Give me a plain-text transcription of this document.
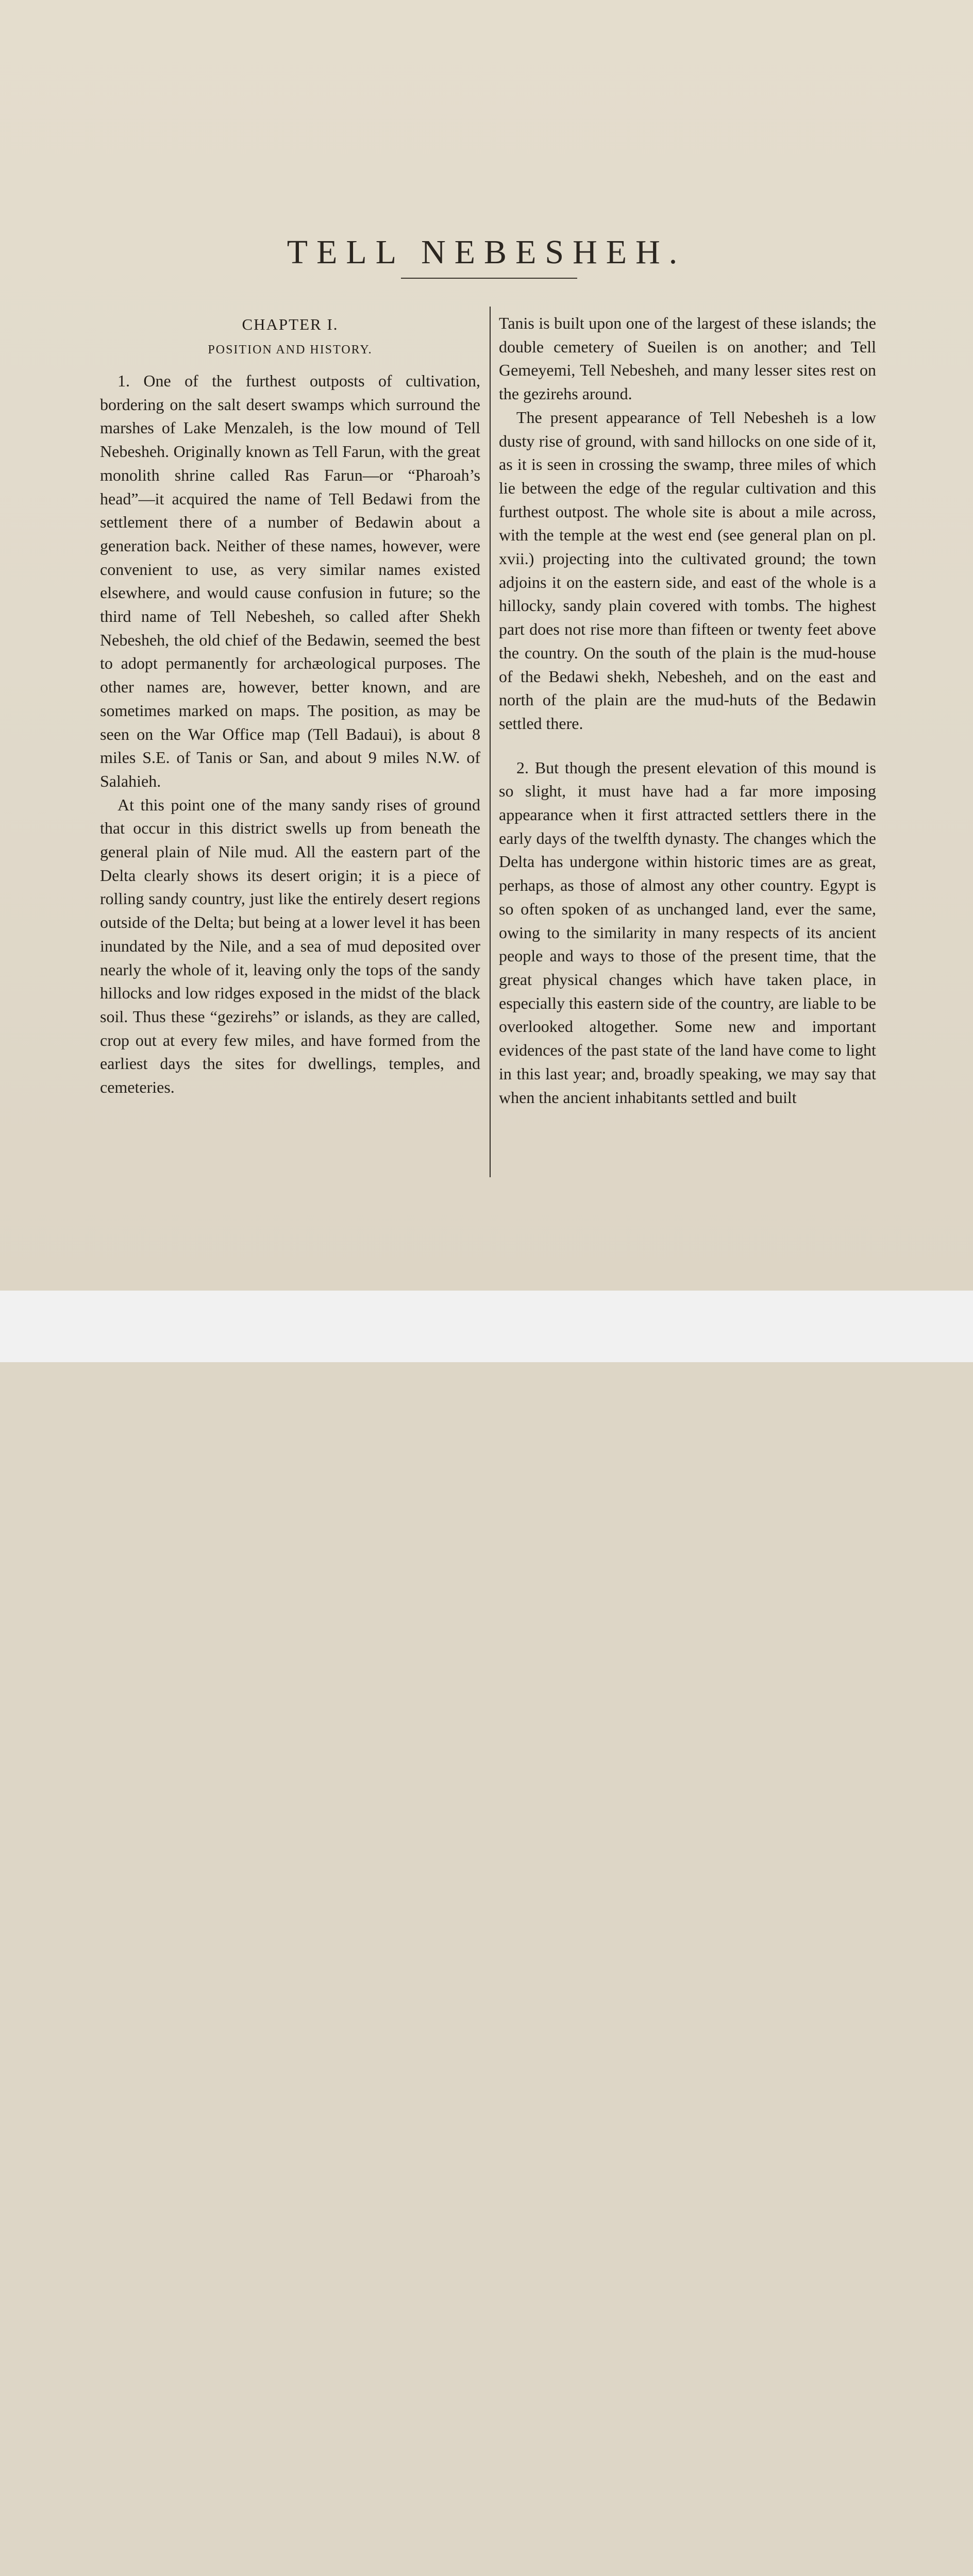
TELL NEBESHEH.
CHAPTER I.
POSITION AND HISTORY.

1. One of the furthest outposts of cultivation, bordering on the salt desert swamps which surround the marshes of Lake Menzaleh, is the low mound of Tell Nebesheh. Originally known as Tell Farun, with the great monolith shrine called Ras Farun—or “Pharoah’s head”—it acquired the name of Tell Bedawi from the settlement there of a number of Bedawin about a generation back. Neither of these names, however, were convenient to use, as very similar names existed elsewhere, and would cause confusion in future; so the third name of Tell Nebesheh, so called after Shekh Nebesheh, the old chief of the Bedawin, seemed the best to adopt permanently for archæological purposes. The other names are, however, better known, and are sometimes marked on maps. The position, as may be seen on the War Office map (Tell Badaui), is about 8 miles S.E. of Tanis or San, and about 9 miles N.W. of Salahieh.

At this point one of the many sandy rises of ground that occur in this district swells up from beneath the general plain of Nile mud. All the eastern part of the Delta clearly shows its desert origin; it is a piece of rolling sandy country, just like the entirely desert regions outside of the Delta; but being at a lower level it has been inundated by the Nile, and a sea of mud deposited over nearly the whole of it, leaving only the tops of the sandy hillocks and low ridges exposed in the midst of the black soil. Thus these “gezirehs” or islands, as they are called, crop out at every few miles, and have formed from the earliest days the sites for dwellings, temples, and cemeteries.

Tanis is built upon one of the largest of these islands; the double cemetery of Sueilen is on another; and Tell Gemeyemi, Tell Nebesheh, and many lesser sites rest on the gezirehs around.

The present appearance of Tell Nebesheh is a low dusty rise of ground, with sand hillocks on one side of it, as it is seen in crossing the swamp, three miles of which lie between the edge of the regular cultivation and this furthest outpost. The whole site is about a mile across, with the temple at the west end (see general plan on pl. xvii.) projecting into the cultivated ground; the town adjoins it on the eastern side, and east of the whole is a hillocky, sandy plain covered with tombs. The highest part does not rise more than fifteen or twenty feet above the country. On the south of the plain is the mud-house of the Bedawi shekh, Nebesheh, and on the east and north of the plain are the mud-huts of the Bedawin settled there.

2. But though the present elevation of this mound is so slight, it must have had a far more imposing appearance when it first attracted settlers there in the early days of the twelfth dynasty. The changes which the Delta has undergone within historic times are as great, perhaps, as those of almost any other country. Egypt is so often spoken of as unchanged land, ever the same, owing to the similarity in many respects of its ancient people and ways to those of the present time, that the great physical changes which have taken place, in especially this eastern side of the country, are liable to be overlooked altogether. Some new and important evidences of the past state of the land have come to light in this last year; and, broadly speaking, we may say that when the ancient inhabitants settled and built
